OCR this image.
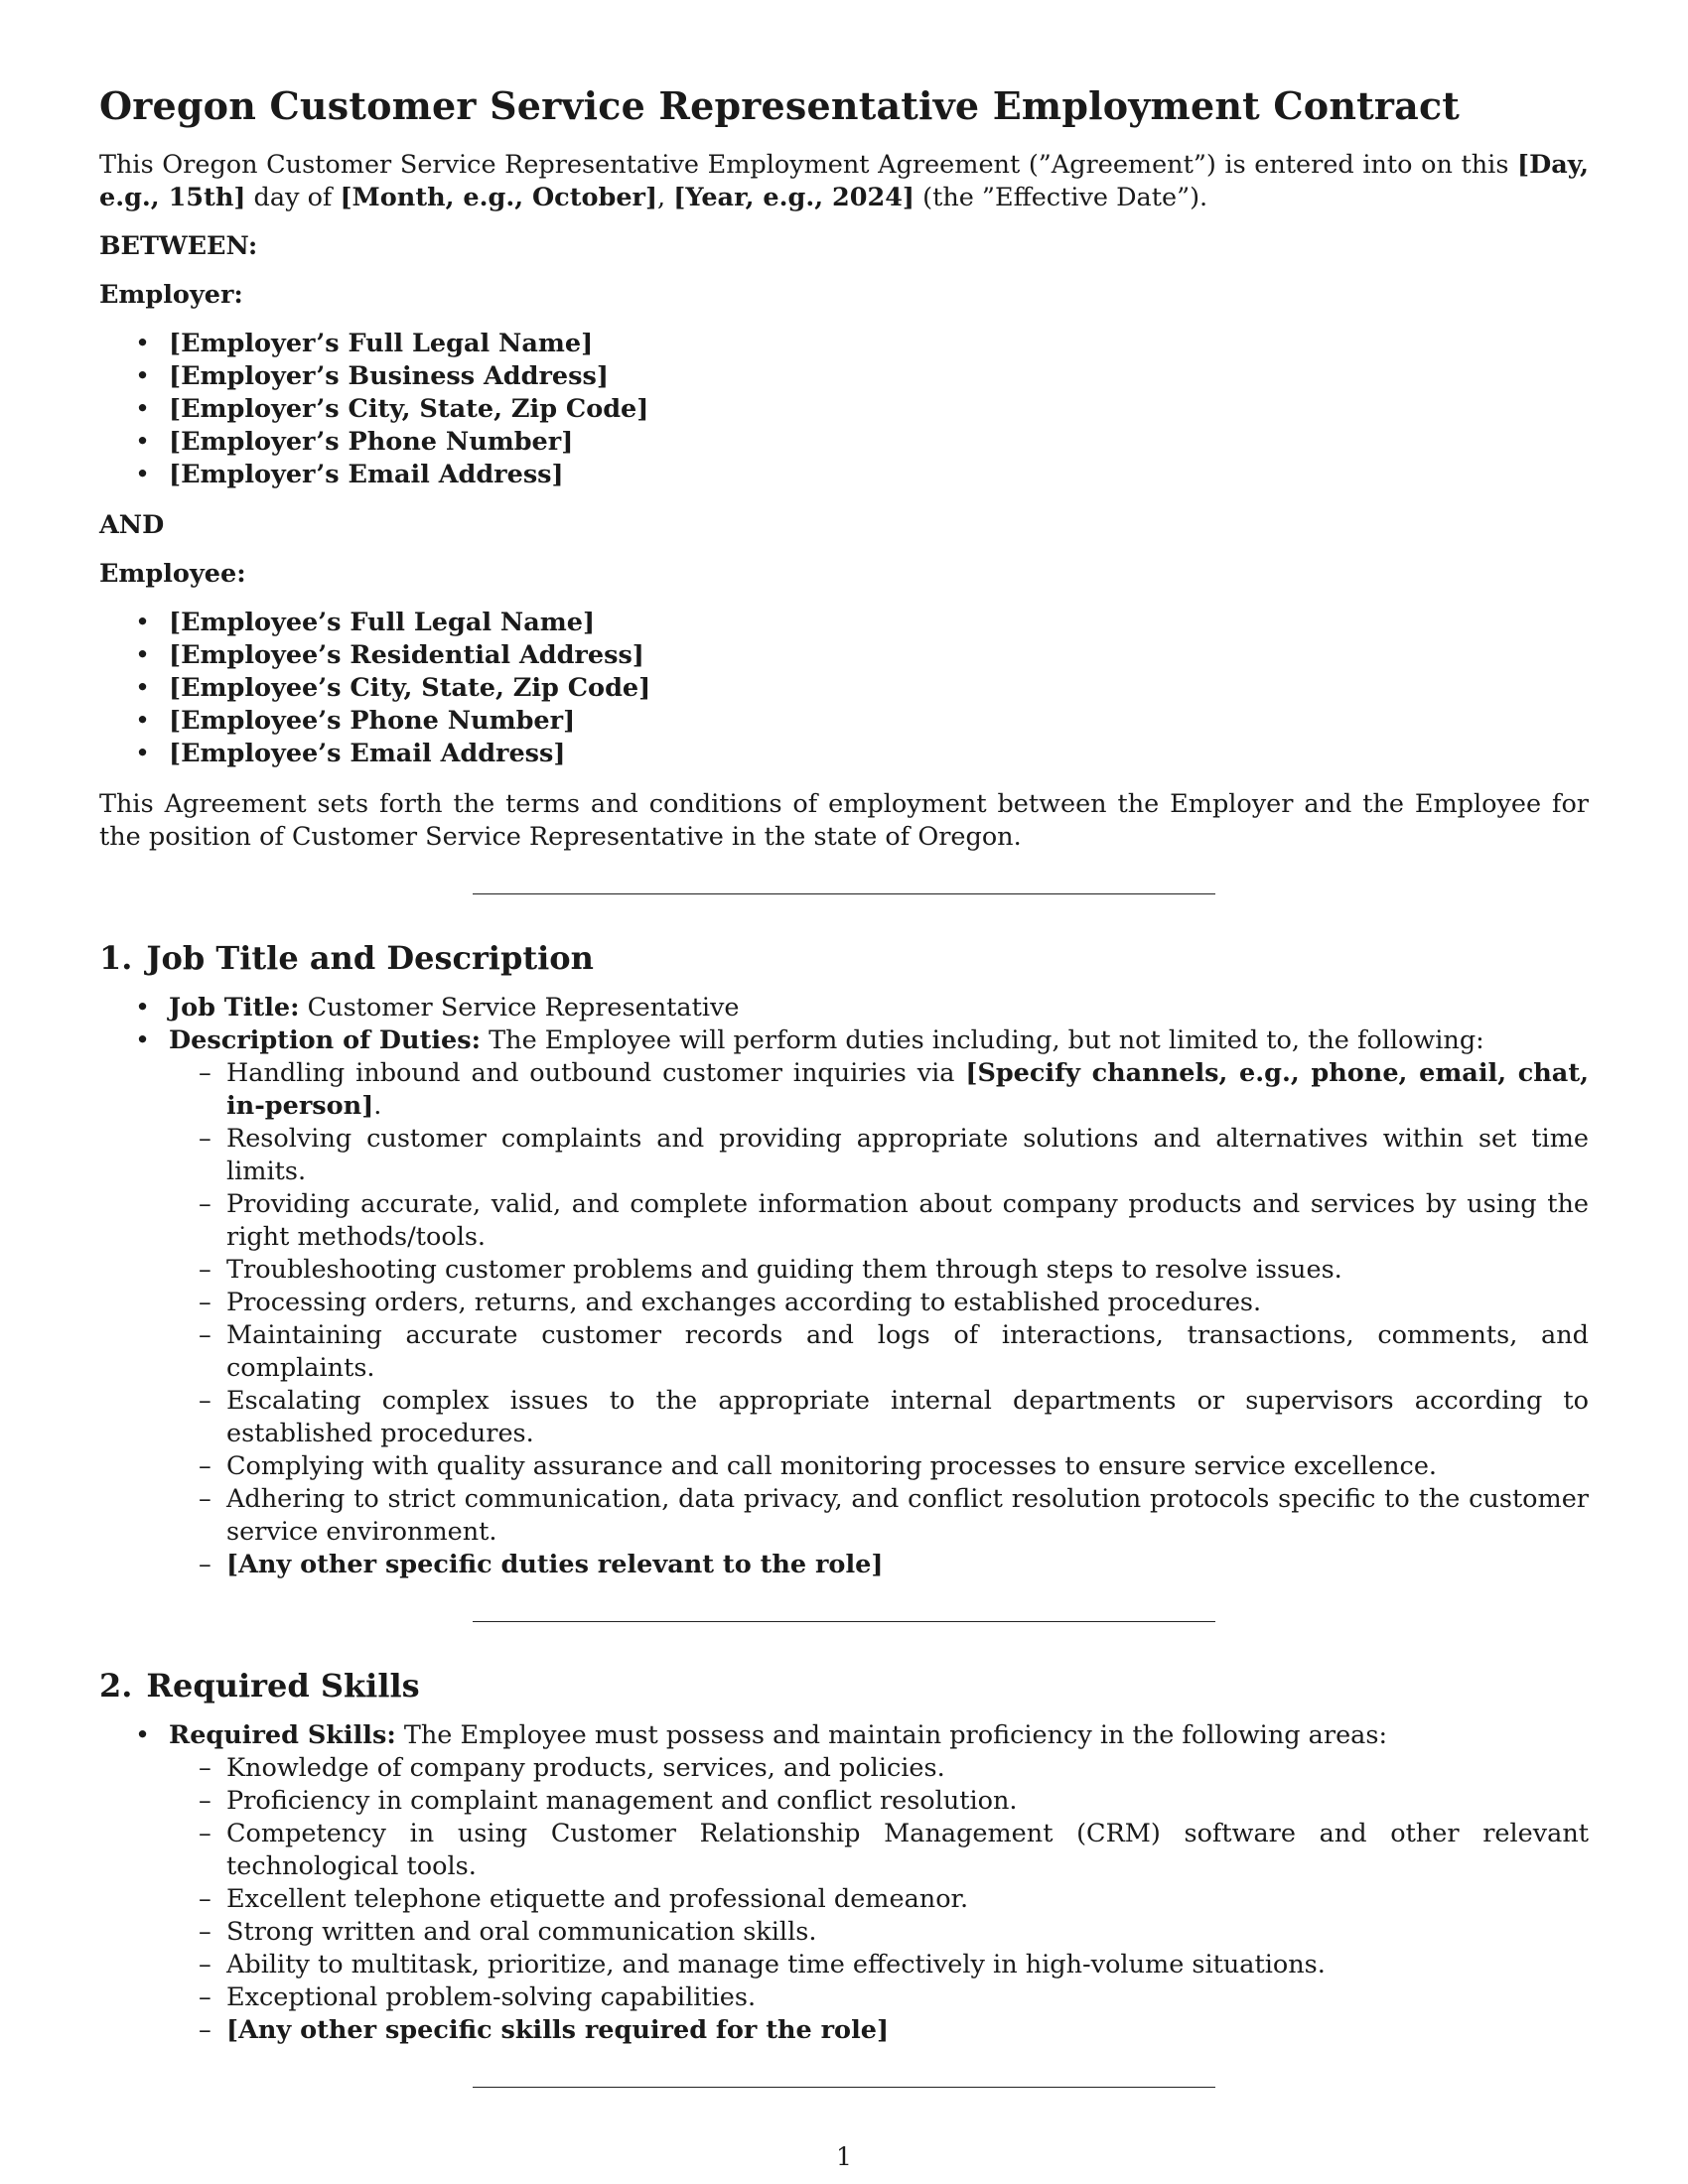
Oregon Customer Service Representative Employment Contract

This Oregon Customer Service Representative Employment Agreement (”Agreement”) is entered into on this [Day, e.g., 15th] day of [Month, e.g., October], [Year, e.g., 2024] (the ”Effective Date”).

BETWEEN:
Employer:
• [Employer’s Full Legal Name]
• [Employer’s Business Address]
• [Employer’s City, State, Zip Code]
• [Employer’s Phone Number]
• [Employer’s Email Address]
AND
Employee:
• [Employee’s Full Legal Name]
• [Employee’s Residential Address]
• [Employee’s City, State, Zip Code]
• [Employee’s Phone Number]
• [Employee’s Email Address]

This Agreement sets forth the terms and conditions of employment between the Employer and the Employee for the position of Customer Service Representative in the state of Oregon.

1. Job Title and Description
• Job Title: Customer Service Representative
• Description of Duties: The Employee will perform duties including, but not limited to, the following:
– Handling inbound and outbound customer inquiries via [Specify channels, e.g., phone, email, chat, in-person].
– Resolving customer complaints and providing appropriate solutions and alternatives within set time limits.
– Providing accurate, valid, and complete information about company products and services by using the right methods/tools.
– Troubleshooting customer problems and guiding them through steps to resolve issues.
– Processing orders, returns, and exchanges according to established procedures.
– Maintaining accurate customer records and logs of interactions, transactions, comments, and complaints.
– Escalating complex issues to the appropriate internal departments or supervisors according to established procedures.
– Complying with quality assurance and call monitoring processes to ensure service excellence.
– Adhering to strict communication, data privacy, and conflict resolution protocols specific to the customer service environment.
– [Any other specific duties relevant to the role]
2. Required Skills
• Required Skills: The Employee must possess and maintain proficiency in the following areas:
– Knowledge of company products, services, and policies.
– Proficiency in complaint management and conflict resolution.
– Competency in using Customer Relationship Management (CRM) software and other relevant technological tools.
– Excellent telephone etiquette and professional demeanor.
– Strong written and oral communication skills.
– Ability to multitask, prioritize, and manage time effectively in high-volume situations.
– Exceptional problem-solving capabilities.
– [Any other specific skills required for the role]
1
